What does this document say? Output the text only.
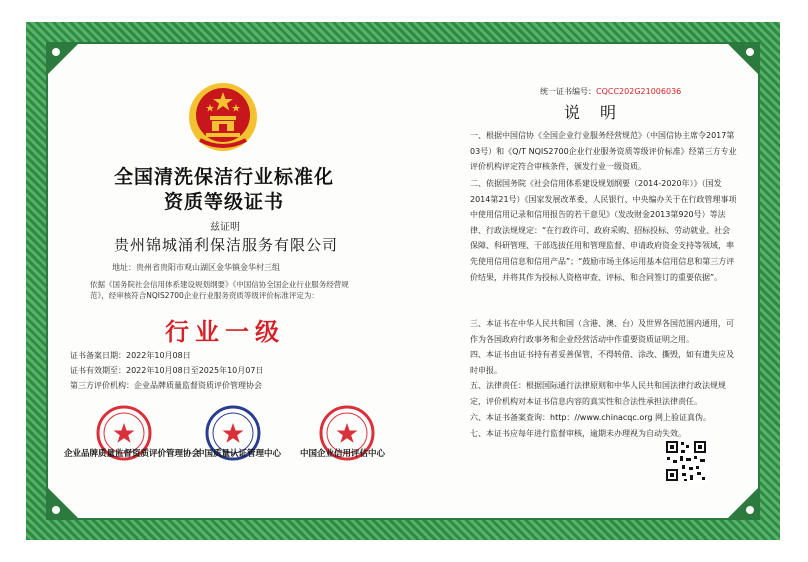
全国清洗保洁行业标准化
资质等级证书
兹证明
贵州锦城涌利保洁服务有限公司
地址：贵州省贵阳市观山湖区金华镇金华村三组
依据《国务院社会信用体系建设规划纲要》《中国信协全国企业行业服务经营规范》，经审核符合NQIS2700企业行业服务资质等级评价标准评定为：
行业一级
证书备案日期：2022年10月08日
证书有效期至：2022年10月08日至2025年10月07日
第三方评价机构：企业品牌质量监督资质评价管理协会
企业品牌质量监督资质评价管理协会
中国质量认证管理中心 中国企业信用评估中心
统一证书编号：CQCC202G21006036
说明

一、根据中国信协《全国企业行业服务经营规范》（中国信协主席令2017第03号）和《Q/T NQIS2700企业行业服务资质等级评价标准》经第三方专业评价机构评定符合审核条件，颁发行业一级资质。

二、依据国务院《社会信用体系建设规划纲要（2014-2020年）》（国发2014第21号）《国家发展改革委、人民银行、中央编办关于在行政管理事项中使用信用记录和信用报告的若干意见》（发改财金2013第920号）等法律、行政法规规定：“在行政许可、政府采购、招标投标、劳动就业、社会保障、科研管理、干部选拔任用和管理监督、申请政府资金支持等领域，率先使用信用信息和信用产品”；“鼓励市场主体运用基本信用信息和第三方评价结果，并将其作为投标人资格审查、评标、和合同签订的重要依据”。

三、本证书在中华人民共和国（含港、澳、台）及世界各国范围内通用，可作为各国政府行政事务和企业经营活动中作重要资质证明之用。

四、本证书由证书持有者妥善保管，不得转借、涂改、撕毁，如有遗失应及时申报。

五、法律责任：根据国际通行法律原则和中华人民共和国法律行政法规规定，评价机构对本证书信息内容的真实性和合法性承担法律责任。

六、本证书备案查询：http：//www.chinacqc.org 网上验证真伪。

七、本证书应每年进行监督审核，逾期未办理视为自动失效。
